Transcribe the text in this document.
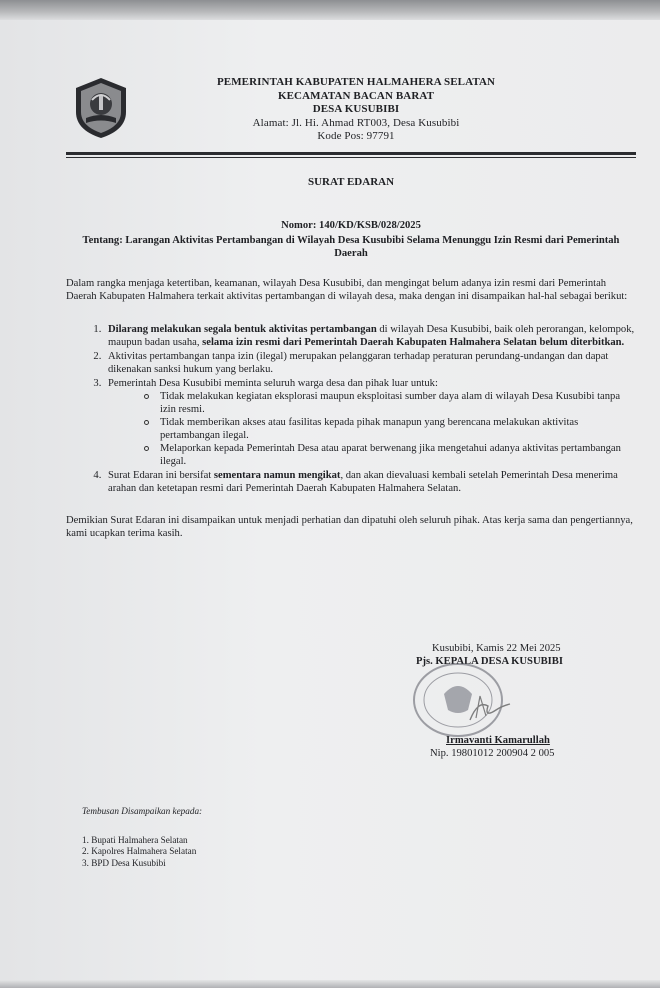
PEMERINTAH KABUPATEN HALMAHERA SELATAN
KECAMATAN BACAN BARAT
DESA KUSUBIBI
Alamat: Jl. Hi. Ahmad RT003, Desa Kusubibi
Kode Pos: 97791
SURAT EDARAN
Nomor: 140/KD/KSB/028/2025
Tentang: Larangan Aktivitas Pertambangan di Wilayah Desa Kusubibi Selama Menunggu Izin Resmi dari Pemerintah Daerah

Dalam rangka menjaga ketertiban, keamanan, wilayah Desa Kusubibi, dan mengingat belum adanya izin resmi dari Pemerintah Daerah Kabupaten Halmahera terkait aktivitas pertambangan di wilayah desa, maka dengan ini disampaikan hal-hal sebagai berikut:

1. Dilarang melakukan segala bentuk aktivitas pertambangan di wilayah Desa Kusubibi, baik oleh perorangan, kelompok, maupun badan usaha, selama izin resmi dari Pemerintah Daerah Kabupaten Halmahera Selatan belum diterbitkan.
2. Aktivitas pertambangan tanpa izin (ilegal) merupakan pelanggaran terhadap peraturan perundang-undangan dan dapat dikenakan sanksi hukum yang berlaku.
3. Pemerintah Desa Kusubibi meminta seluruh warga desa dan pihak luar untuk:
Tidak melakukan kegiatan eksplorasi maupun eksploitasi sumber daya alam di wilayah Desa Kusubibi tanpa izin resmi.
Tidak memberikan akses atau fasilitas kepada pihak manapun yang berencana melakukan aktivitas pertambangan ilegal.
Melaporkan kepada Pemerintah Desa atau aparat berwenang jika mengetahui adanya aktivitas pertambangan ilegal.
4. Surat Edaran ini bersifat sementara namun mengikat, dan akan dievaluasi kembali setelah Pemerintah Desa menerima arahan dan ketetapan resmi dari Pemerintah Daerah Kabupaten Halmahera Selatan.

Demikian Surat Edaran ini disampaikan untuk menjadi perhatian dan dipatuhi oleh seluruh pihak. Atas kerja sama dan pengertiannya, kami ucapkan terima kasih.

Kusubibi, Kamis 22 Mei 2025
Pjs. KEPALA DESA KUSUBIBI
Irmavanti Kamarullah
Nip. 19801012 200904 2 005
Tembusan Disampaikan kepada:
1. Bupati Halmahera Selatan
2. Kapolres Halmahera Selatan
3. BPD Desa Kusubibi
